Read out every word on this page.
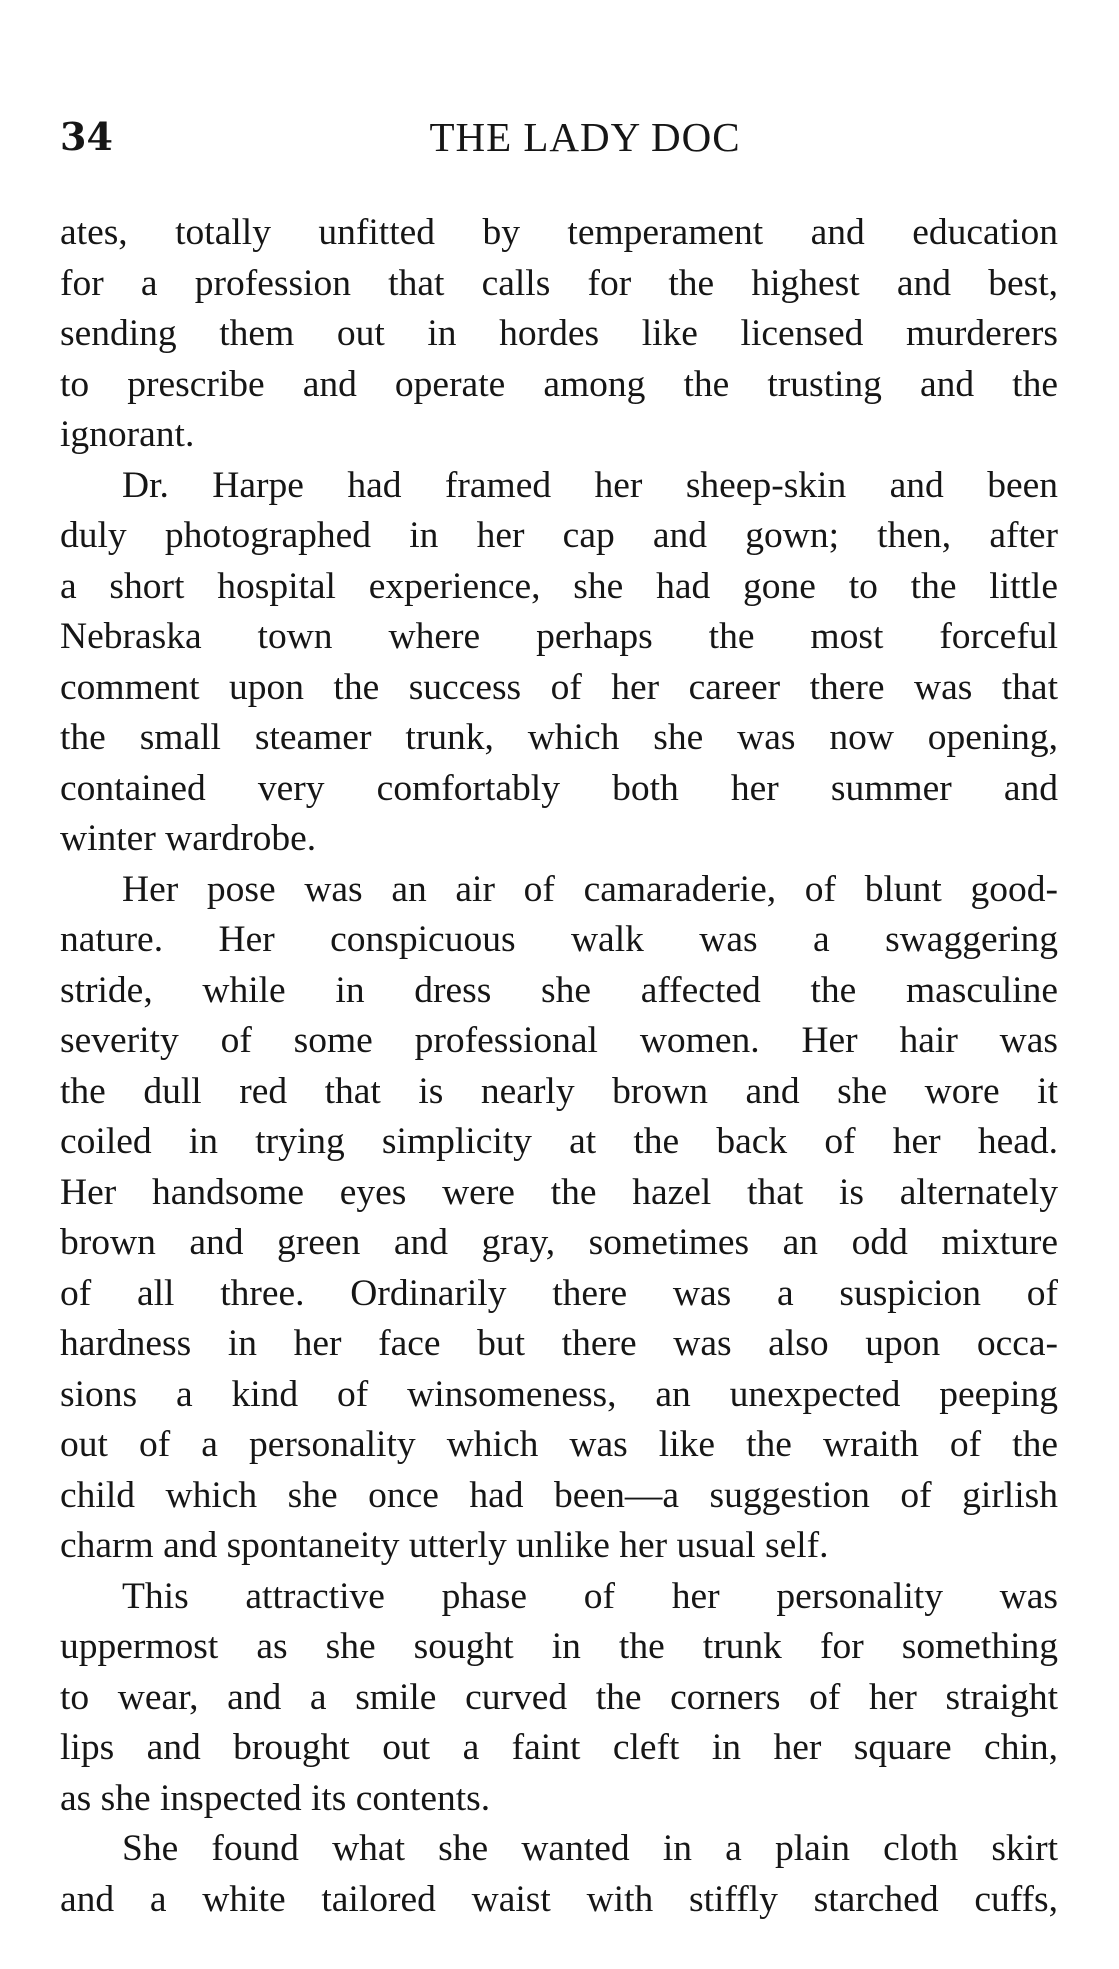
34	THE LADY DOC
ates, totally unfitted by temperament and education
for a profession that calls for the highest and best,
sending them out in hordes like licensed murderers
to prescribe and operate among the trusting and the
ignorant.
Dr. Harpe had framed her sheep-skin and been
duly photographed in her cap and gown; then, after
a short hospital experience, she had gone to the little
Nebraska town where perhaps the most forceful
comment upon the success of her career there was that
the small steamer trunk, which she was now opening,
contained very comfortably both her summer and
winter wardrobe.
Her pose was an air of camaraderie, of blunt good-
nature. Her conspicuous walk was a swaggering
stride, while in dress she affected the masculine
severity of some professional women. Her hair was
the dull red that is nearly brown and she wore it
coiled in trying simplicity at the back of her head.
Her handsome eyes were the hazel that is alternately
brown and green and gray, sometimes an odd mixture
of all three. Ordinarily there was a suspicion of
hardness in her face but there was also upon occa-
sions a kind of winsomeness, an unexpected peeping
out of a personality which was like the wraith of the
child which she once had been—a suggestion of girlish
charm and spontaneity utterly unlike her usual self.
This attractive phase of her personality was
uppermost as she sought in the trunk for something
to wear, and a smile curved the corners of her straight
lips and brought out a faint cleft in her square chin,
as she inspected its contents.
She found what she wanted in a plain cloth skirt
and a white tailored waist with stiffly starched cuffs,
